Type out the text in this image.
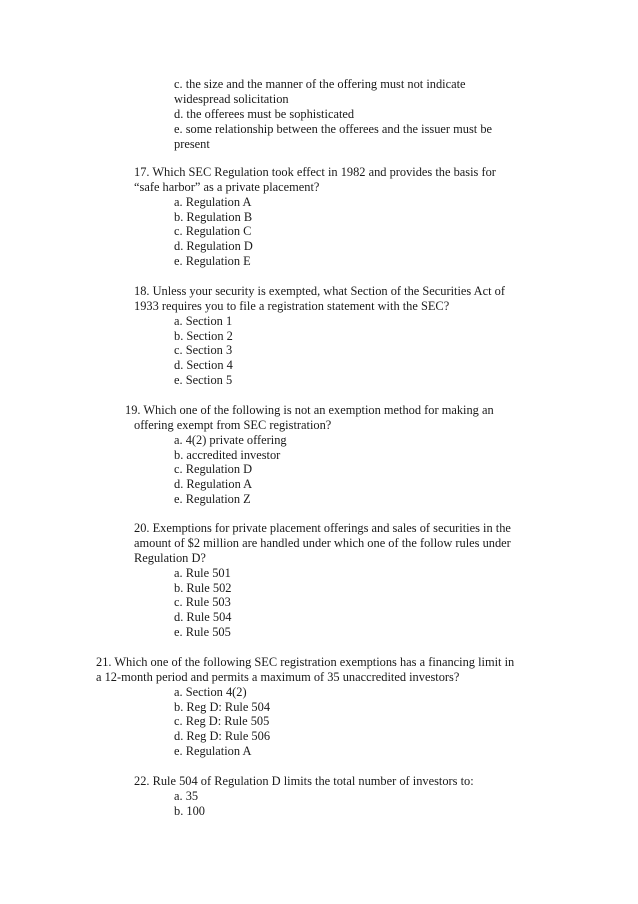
c. the size and the manner of the offering must not indicate
widespread solicitation
d. the offerees must be sophisticated
e. some relationship between the offerees and the issuer must be
present
17. Which SEC Regulation took effect in 1982 and provides the basis for
“safe harbor” as a private placement?
a. Regulation A
b. Regulation B
c. Regulation C
d. Regulation D
e. Regulation E
18. Unless your security is exempted, what Section of the Securities Act of
1933 requires you to file a registration statement with the SEC?
a. Section 1
b. Section 2
c. Section 3
d. Section 4
e. Section 5
19. Which one of the following is not an exemption method for making an
offering exempt from SEC registration?
a. 4(2) private offering
b. accredited investor
c. Regulation D
d. Regulation A
e. Regulation Z
20. Exemptions for private placement offerings and sales of securities in the
amount of $2 million are handled under which one of the follow rules under
Regulation D?
a. Rule 501
b. Rule 502
c. Rule 503
d. Rule 504
e. Rule 505
21. Which one of the following SEC registration exemptions has a financing limit in
a 12-month period and permits a maximum of 35 unaccredited investors?
a. Section 4(2)
b. Reg D: Rule 504
c. Reg D: Rule 505
d. Reg D: Rule 506
e. Regulation A
22. Rule 504 of Regulation D limits the total number of investors to:
a. 35
b. 100
